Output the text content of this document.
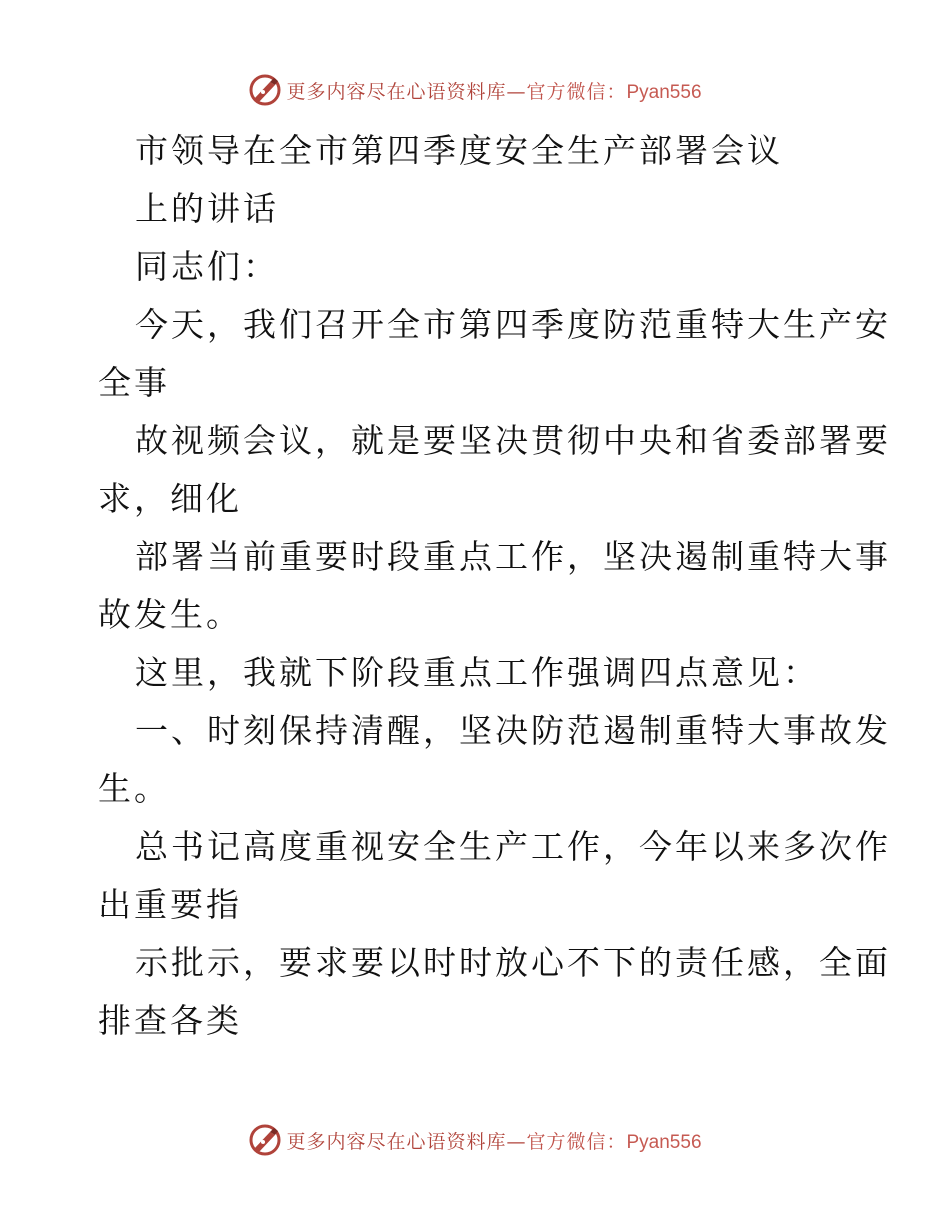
更多内容尽在心语资料库—官方微信：Pyan556
市领导在全市第四季度安全生产部署会议
上的讲话
同志们：
今天，我们召开全市第四季度防范重特大生产安
全事
故视频会议，就是要坚决贯彻中央和省委部署要
求，细化
部署当前重要时段重点工作，坚决遏制重特大事
故发生。
这里，我就下阶段重点工作强调四点意见：
一、时刻保持清醒，坚决防范遏制重特大事故发
生。
总书记高度重视安全生产工作，今年以来多次作
出重要指
示批示，要求要以时时放心不下的责任感，全面
排查各类
更多内容尽在心语资料库—官方微信：Pyan556
